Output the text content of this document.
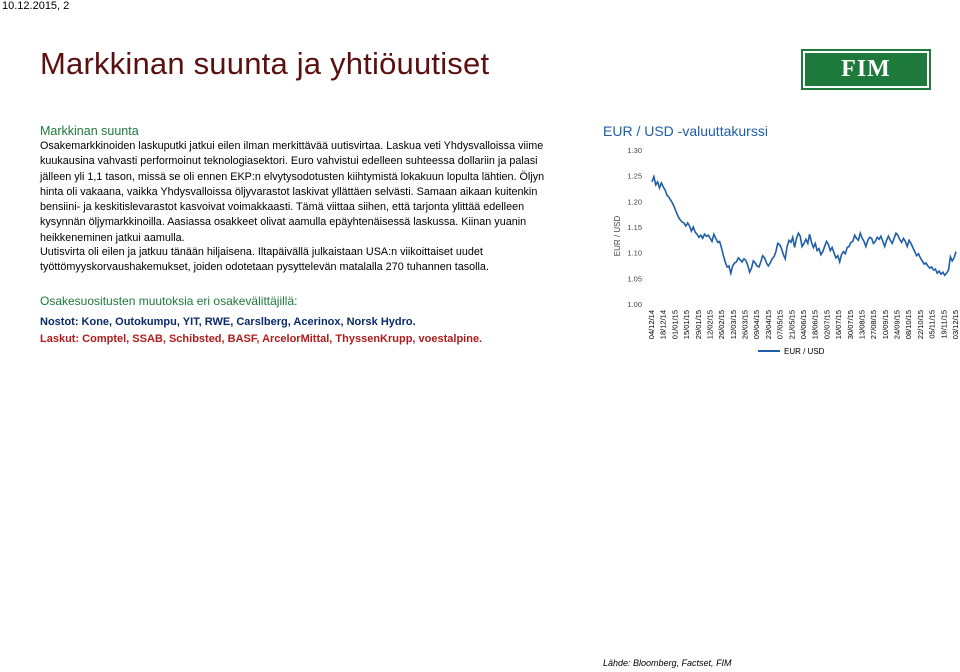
10.12.2015, 2
Markkinan suunta ja yhtiöuutiset	FIM
Markkinan suunta

Osakemarkkinoiden laskuputki jatkui eilen ilman merkittävää uutisvirtaa. Laskua veti Yhdysvalloissa viime kuukausina vahvasti performoinut teknologiasektori. Euro vahvistui edelleen suhteessa dollariin ja palasi jälleen yli 1,1 tason, missä se oli ennen EKP:n elvytysodotusten kiihtymistä lokakuun lopulta lähtien. Öljyn hinta oli vakaana, vaikka Yhdysvalloissa öljyvarastot laskivat yllättäen selvästi. Samaan aikaan kuitenkin bensiini- ja keskitislevarastot kasvoivat voimakkaasti. Tämä viittaa siihen, että tarjonta ylittää edelleen kysynnän öljymarkkinoilla. Aasiassa osakkeet olivat aamulla epäyhtenäisessä laskussa. Kiinan yuanin heikkeneminen jatkui aamulla.

Uutisvirta oli eilen ja jatkuu tänään hiljaisena. Iltapäivällä julkaistaan USA:n viikoittaiset uudet työttömyyskorvaushakemukset, joiden odotetaan pysyttelevän matalalla 270 tuhannen tasolla.

Osakesuositusten muutoksia eri osakevälittäjillä:
Nostot: Kone, Outokumpu, YIT, RWE, Carslberg, Acerinox, Norsk Hydro.
Laskut: Comptel, SSAB, Schibsted, BASF, ArcelorMittal, ThyssenKrupp, voestalpine.
EUR / USD -valuuttakurssi
EUR / USD
1.30
1.25
1.20
1.15
1.10
1.05
1.00
04/12/14 18/12/14 01/01/15 15/01/15 29/01/15 12/02/15 26/02/15 12/03/15 26/03/15 09/04/15 23/04/15 07/05/15 21/05/15 04/06/15 18/06/15 02/07/15 16/07/15 30/07/15 13/08/15 27/08/15 10/09/15 24/09/15 08/10/15 22/10/15 05/11/15 19/11/15 03/12/15
EUR / USD
Lähde: Bloomberg, Factset, FIM
